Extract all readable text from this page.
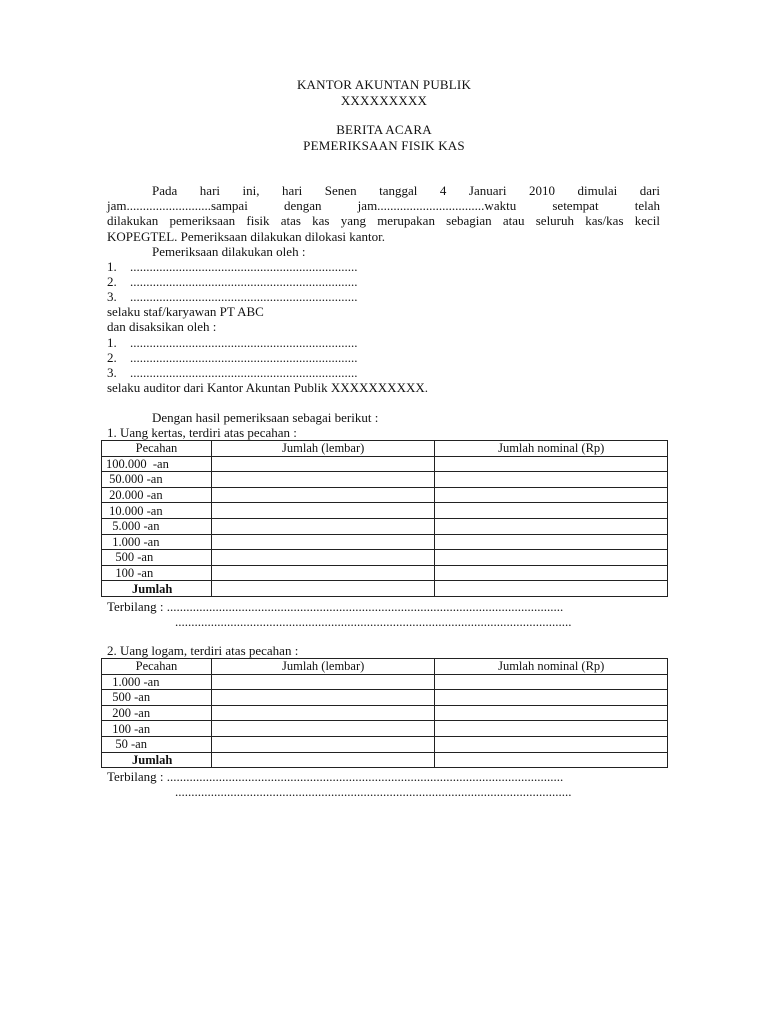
KANTOR AKUNTAN PUBLIK
XXXXXXXXX
BERITA ACARA
PEMERIKSAAN FISIK KAS
Pada hari ini, hari Senen tanggal 4 Januari 2010 dimulai dari
jam..........................sampai dengan jam.................................waktu setempat telah
dilakukan pemeriksaan fisik atas kas yang merupakan sebagian atau seluruh kas/kas kecil
KOPEGTEL. Pemeriksaan dilakukan dilokasi kantor.
Pemeriksaan dilakukan oleh :
1. ......................................................................
2. ......................................................................
3. ......................................................................
selaku staf/karyawan PT ABC
dan disaksikan oleh :
1. ......................................................................
2. ......................................................................
3. ......................................................................
selaku auditor dari Kantor Akuntan Publik XXXXXXXXXX.
Dengan hasil pemeriksaan sebagai berikut :
1. Uang kertas, terdiri atas pecahan :
Pecahan	Jumlah (lembar)	Jumlah nominal (Rp)
100.000  -an		
50.000 -an		
20.000 -an		
10.000 -an		
5.000 -an		
1.000 -an		
500 -an		
100 -an		
Jumlah		
Terbilang : ..........................................................................................................................
..........................................................................................................................
2. Uang logam, terdiri atas pecahan :
Pecahan	Jumlah (lembar)	Jumlah nominal (Rp)
1.000 -an		
500 -an		
200 -an		
100 -an		
50 -an		
Jumlah		
Terbilang : ..........................................................................................................................
..........................................................................................................................
